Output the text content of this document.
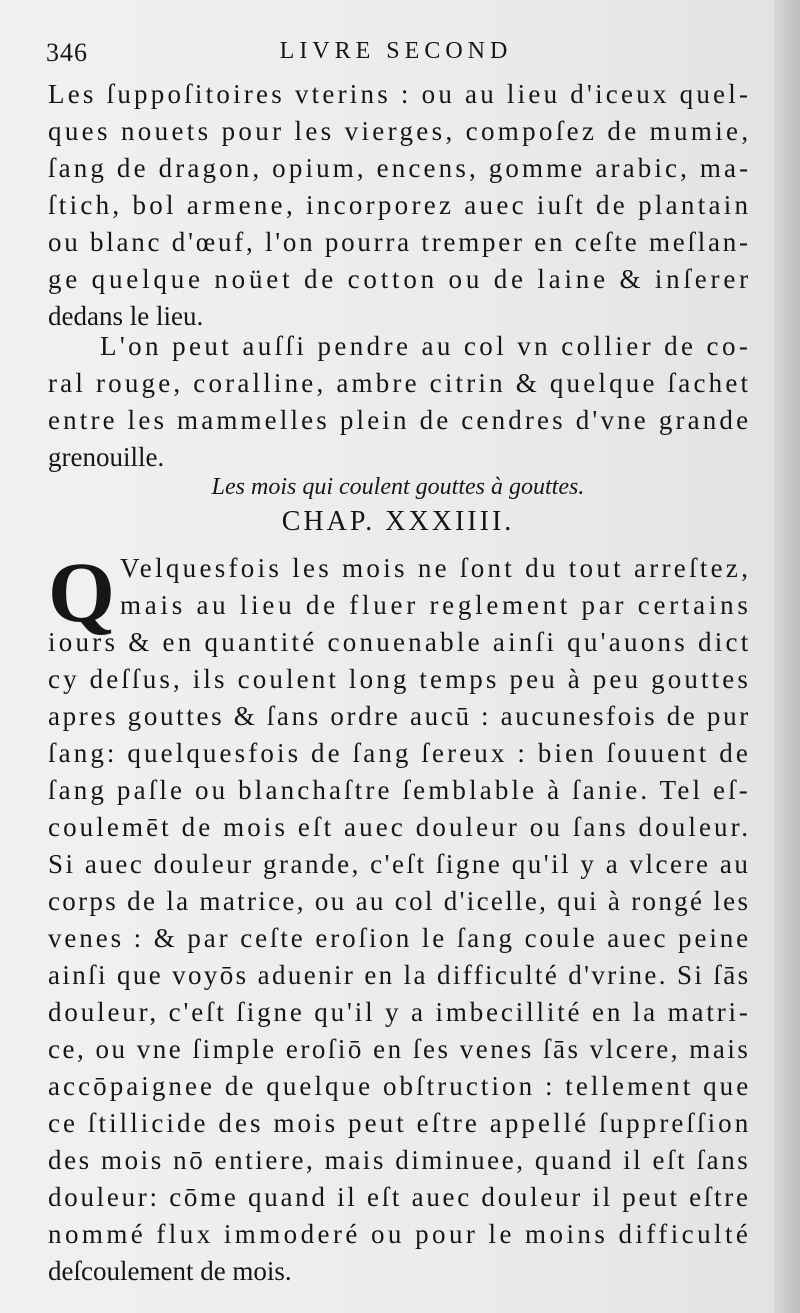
346	LIVRE SECOND
Les ſuppoſitoires vterins : ou au lieu d'iceux quel-
ques nouets pour les vierges, compoſez de mumie,
ſang de dragon, opium, encens, gomme arabic, ma-
ſtich, bol armene, incorporez auec iuſt de plantain
ou blanc d'œuf, l'on pourra tremper en ceſte meſlan-
ge quelque noüet de cotton ou de laine & inſerer
dedans le lieu.
L'on peut auſſi pendre au col vn collier de co-
ral rouge, coralline, ambre citrin & quelque ſachet
entre les mammelles plein de cendres d'vne grande
grenouille.
Les mois qui coulent gouttes à gouttes.
CHAP. XXXIIII.
Q Velquesfois les mois ne ſont du tout arreſtez,
mais au lieu de fluer reglement par certains
iours & en quantité conuenable ainſi qu'auons dict
cy deſſus, ils coulent long temps peu à peu gouttes
apres gouttes & ſans ordre aucū : aucunesfois de pur
ſang: quelquesfois de ſang ſereux : bien ſouuent de
ſang paſle ou blanchaſtre ſemblable à ſanie. Tel eſ-
coulemēt de mois eſt auec douleur ou ſans douleur.
Si auec douleur grande, c'eſt ſigne qu'il y a vlcere au
corps de la matrice, ou au col d'icelle, qui à rongé les
venes : & par ceſte eroſion le ſang coule auec peine
ainſi que voyōs aduenir en la difficulté d'vrine. Si ſās
douleur, c'eſt ſigne qu'il y a imbecillité en la matri-
ce, ou vne ſimple eroſiō en ſes venes ſās vlcere, mais
accōpaignee de quelque obſtruction : tellement que
ce ſtillicide des mois peut eſtre appellé ſuppreſſion
des mois nō entiere, mais diminuee, quand il eſt ſans
douleur: cōme quand il eſt auec douleur il peut eſtre
nommé flux immoderé ou pour le moins difficulté
deſcoulement de mois.
